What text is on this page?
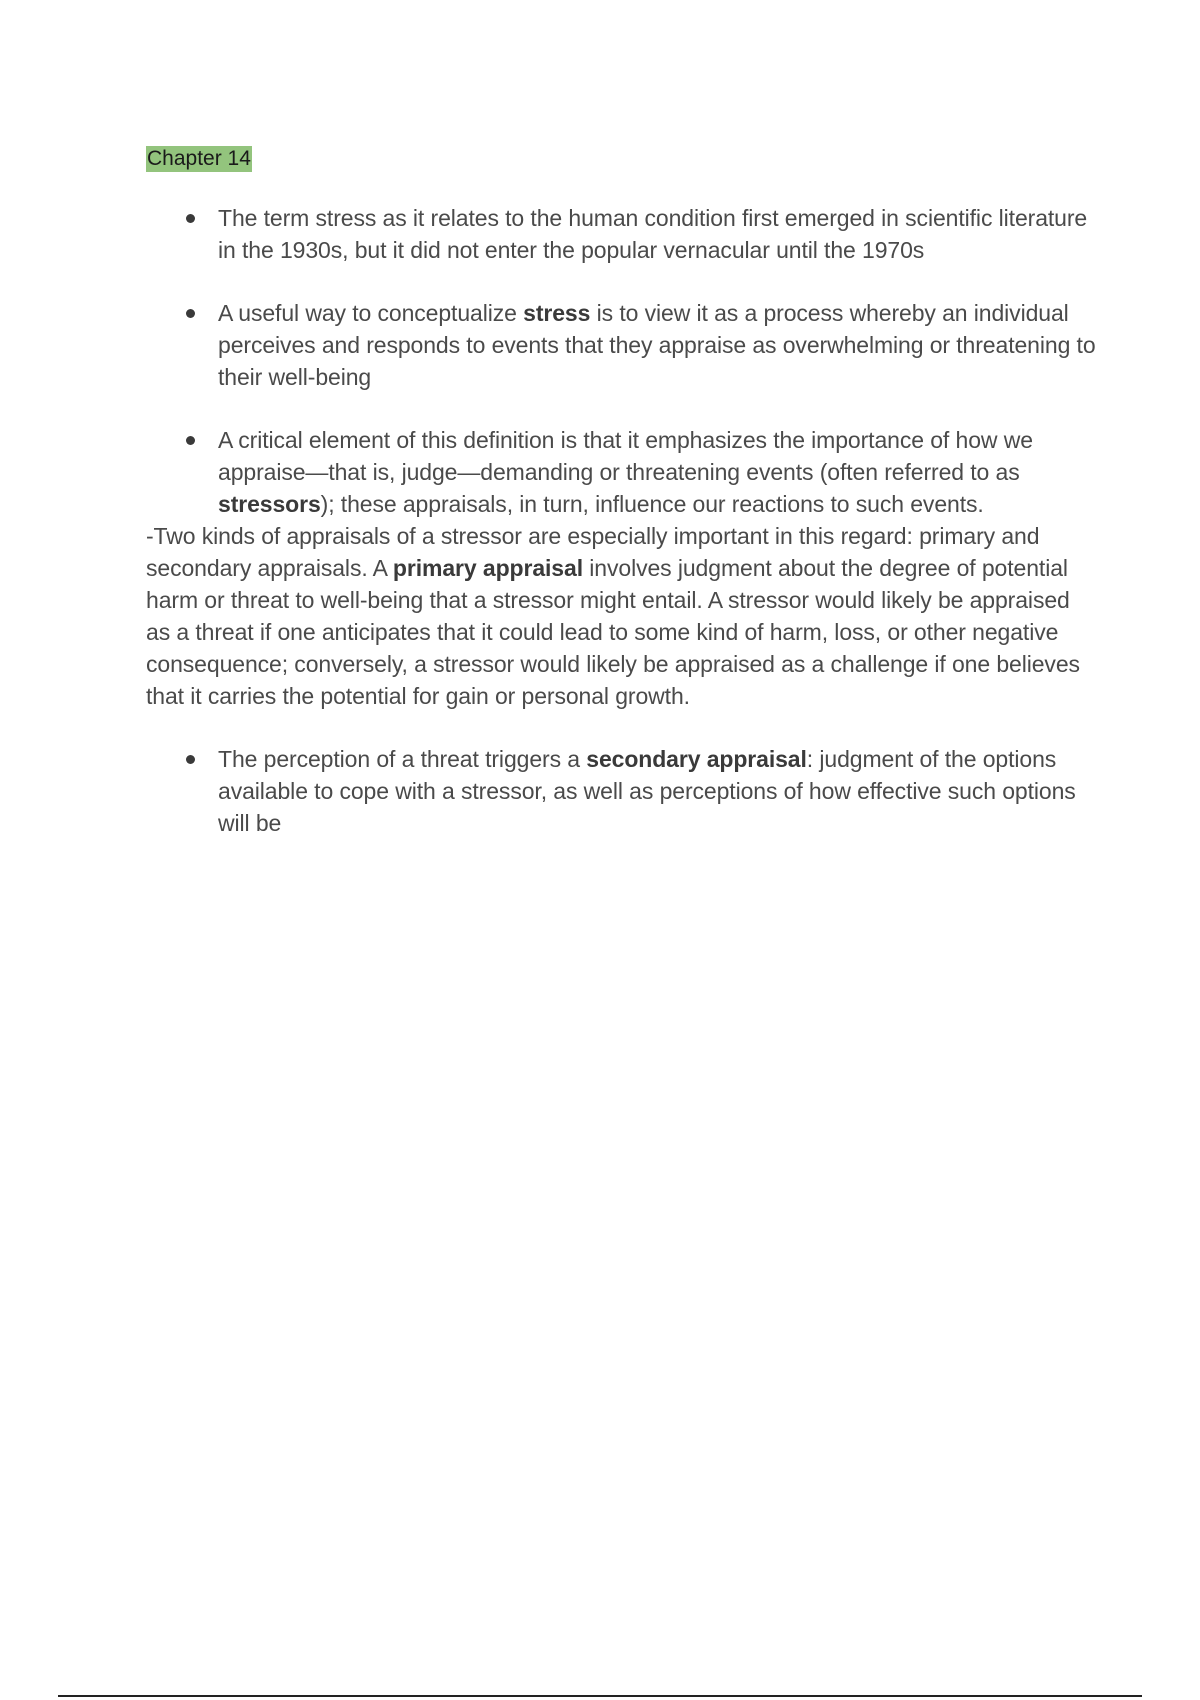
Chapter 14
The term stress as it relates to the human condition first emerged in scientific literature in the 1930s, but it did not enter the popular vernacular until the 1970s
A useful way to conceptualize stress is to view it as a process whereby an individual perceives and responds to events that they appraise as overwhelming or threatening to their well-being
A critical element of this definition is that it emphasizes the importance of how we appraise—that is, judge—demanding or threatening events (often referred to as stressors); these appraisals, in turn, influence our reactions to such events.

-Two kinds of appraisals of a stressor are especially important in this regard: primary and secondary appraisals. A primary appraisal involves judgment about the degree of potential harm or threat to well-being that a stressor might entail. A stressor would likely be appraised as a threat if one anticipates that it could lead to some kind of harm, loss, or other negative consequence; conversely, a stressor would likely be appraised as a challenge if one believes that it carries the potential for gain or personal growth.

The perception of a threat triggers a secondary appraisal: judgment of the options available to cope with a stressor, as well as perceptions of how effective such options will be
